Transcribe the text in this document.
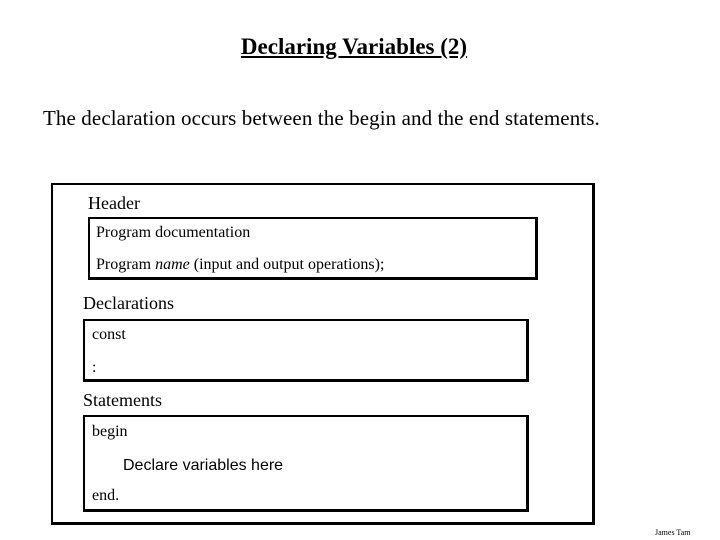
Declaring Variables (2)
The declaration occurs between the begin and the end statements.
Header
Program documentation
Program name (input and output operations);
Declarations
const
:
Statements
begin
Declare variables here
end.
James Tam
